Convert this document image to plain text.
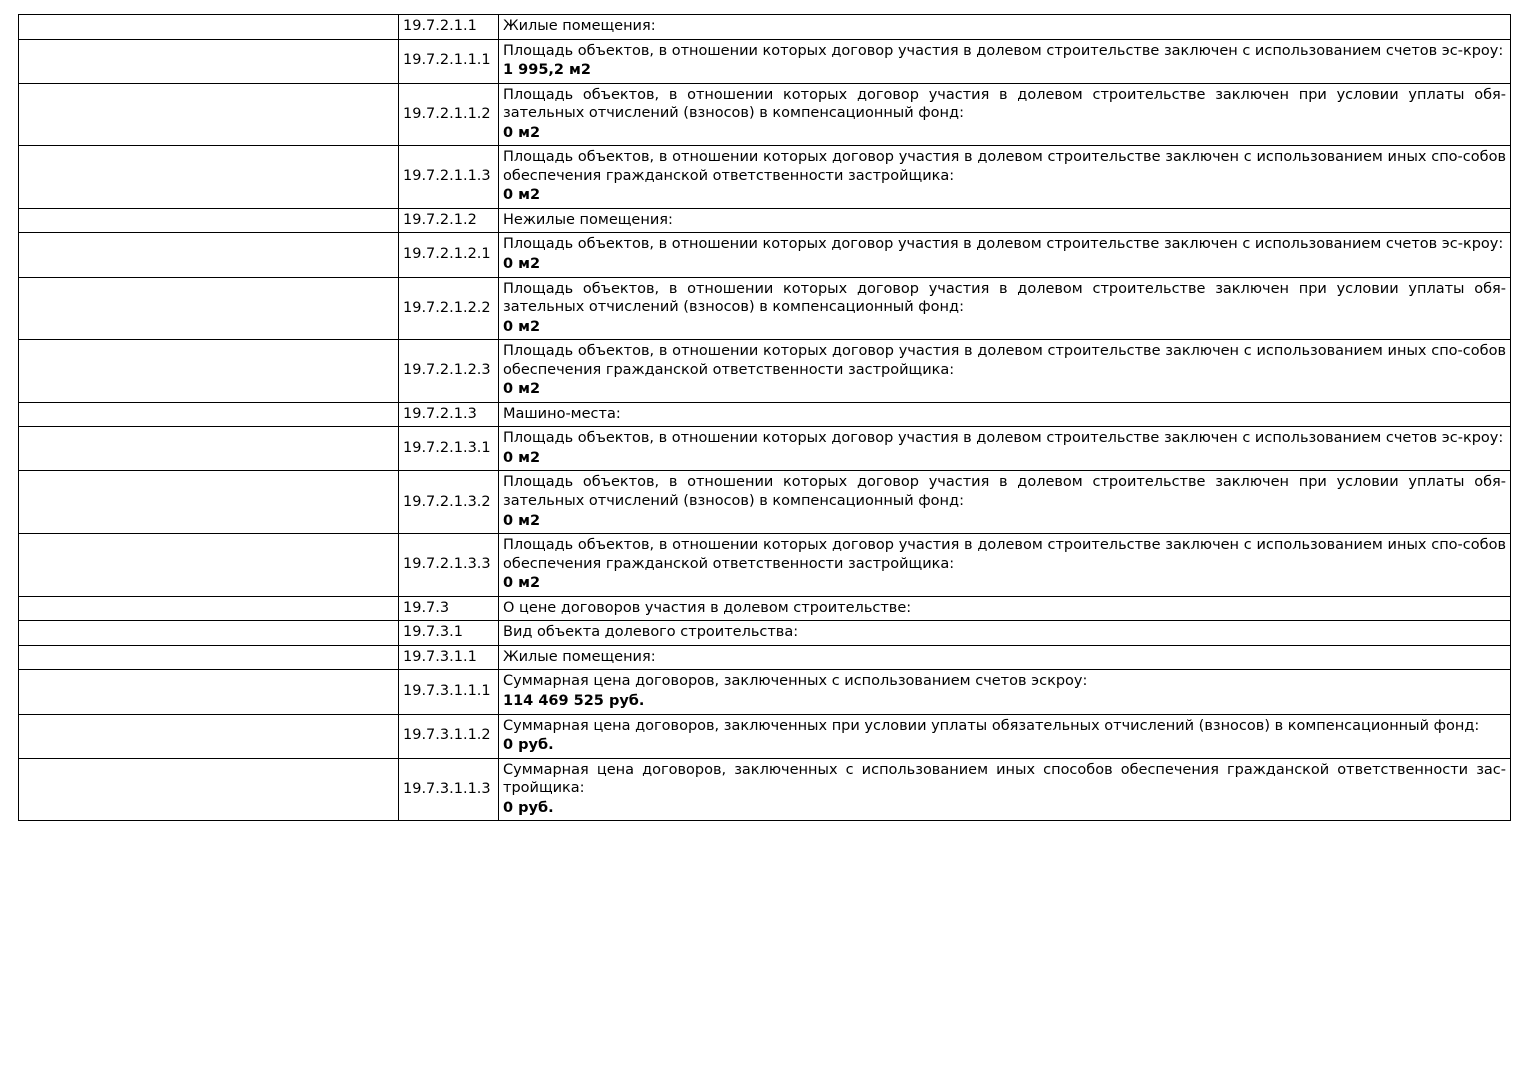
	19.7.2.1.1	Жилые помещения:

	19.7.2.1.1.1	Площадь объектов, в отношении которых договор участия в долевом строительстве заключен с использованием счетов эс-кроу:
1 995,2 м2

	19.7.2.1.1.2	Площадь объектов, в отношении которых договор участия в долевом строительстве заключен при условии уплаты обя-зательных отчислений (взносов) в компенсационный фонд:
0 м2

	19.7.2.1.1.3	Площадь объектов, в отношении которых договор участия в долевом строительстве заключен с использованием иных спо-собов обеспечения гражданской ответственности застройщика:
0 м2

	19.7.2.1.2	Нежилые помещения:

	19.7.2.1.2.1	Площадь объектов, в отношении которых договор участия в долевом строительстве заключен с использованием счетов эс-кроу:
0 м2

	19.7.2.1.2.2	Площадь объектов, в отношении которых договор участия в долевом строительстве заключен при условии уплаты обя-зательных отчислений (взносов) в компенсационный фонд:
0 м2

	19.7.2.1.2.3	Площадь объектов, в отношении которых договор участия в долевом строительстве заключен с использованием иных спо-собов обеспечения гражданской ответственности застройщика:
0 м2

	19.7.2.1.3	Машино-места:

	19.7.2.1.3.1	Площадь объектов, в отношении которых договор участия в долевом строительстве заключен с использованием счетов эс-кроу:
0 м2

	19.7.2.1.3.2	Площадь объектов, в отношении которых договор участия в долевом строительстве заключен при условии уплаты обя-зательных отчислений (взносов) в компенсационный фонд:
0 м2

	19.7.2.1.3.3	Площадь объектов, в отношении которых договор участия в долевом строительстве заключен с использованием иных спо-собов обеспечения гражданской ответственности застройщика:
0 м2

	19.7.3	О цене договоров участия в долевом строительстве:

	19.7.3.1	Вид объекта долевого строительства:

	19.7.3.1.1	Жилые помещения:

	19.7.3.1.1.1	Суммарная цена договоров, заключенных с использованием счетов эскроу:
114 469 525 руб.

	19.7.3.1.1.2	Суммарная цена договоров, заключенных при условии уплаты обязательных отчислений (взносов) в компенсационный фонд:
0 руб.

	19.7.3.1.1.3	Суммарная цена договоров, заключенных с использованием иных способов обеспечения гражданской ответственности зас-тройщика:
0 руб.
